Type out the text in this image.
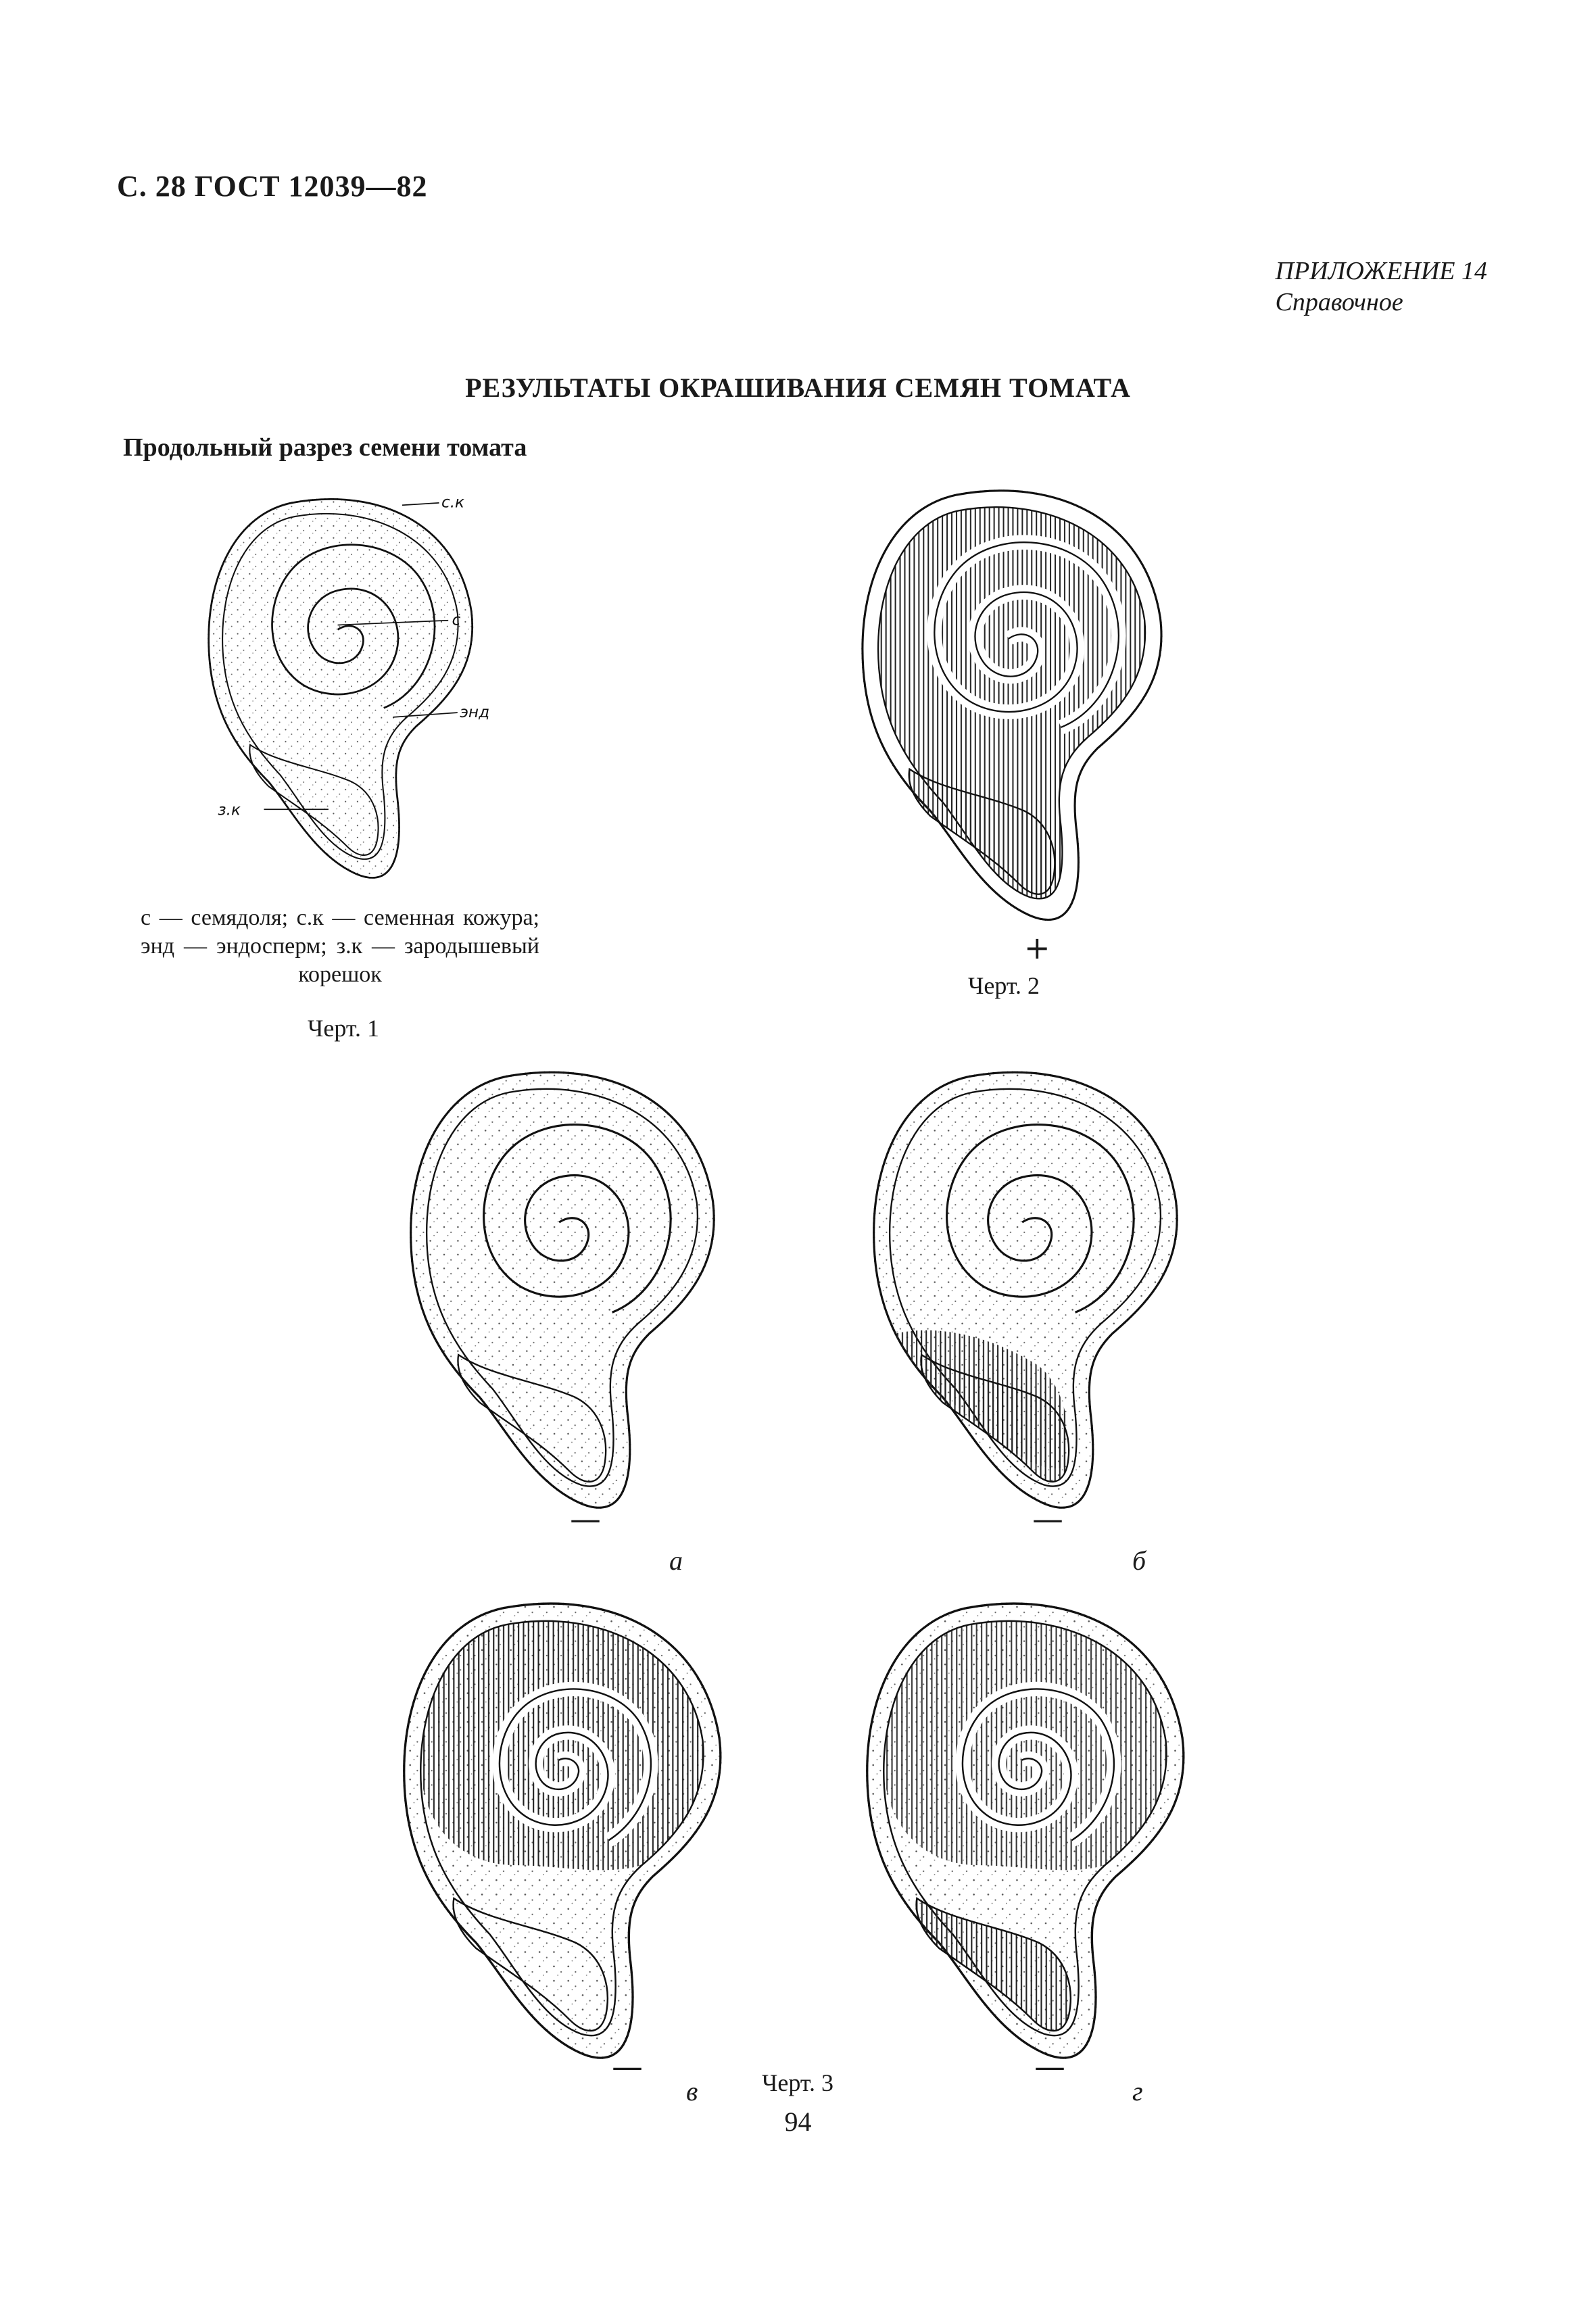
С. 28 ГОСТ 12039—82
ПРИЛОЖЕНИЕ 14
Справочное
РЕЗУЛЬТАТЫ ОКРАШИВАНИЯ СЕМЯН ТОМАТА
Продольный разрез семени томата
с.к
с
энд
з.к
с — семядоля; с.к — семенная кожура; энд — эндосперм; з.к — зародышевый корешок
Черт. 1
+
Черт. 2
—
а
—
б
—
в
—
г
Черт. 3
94
